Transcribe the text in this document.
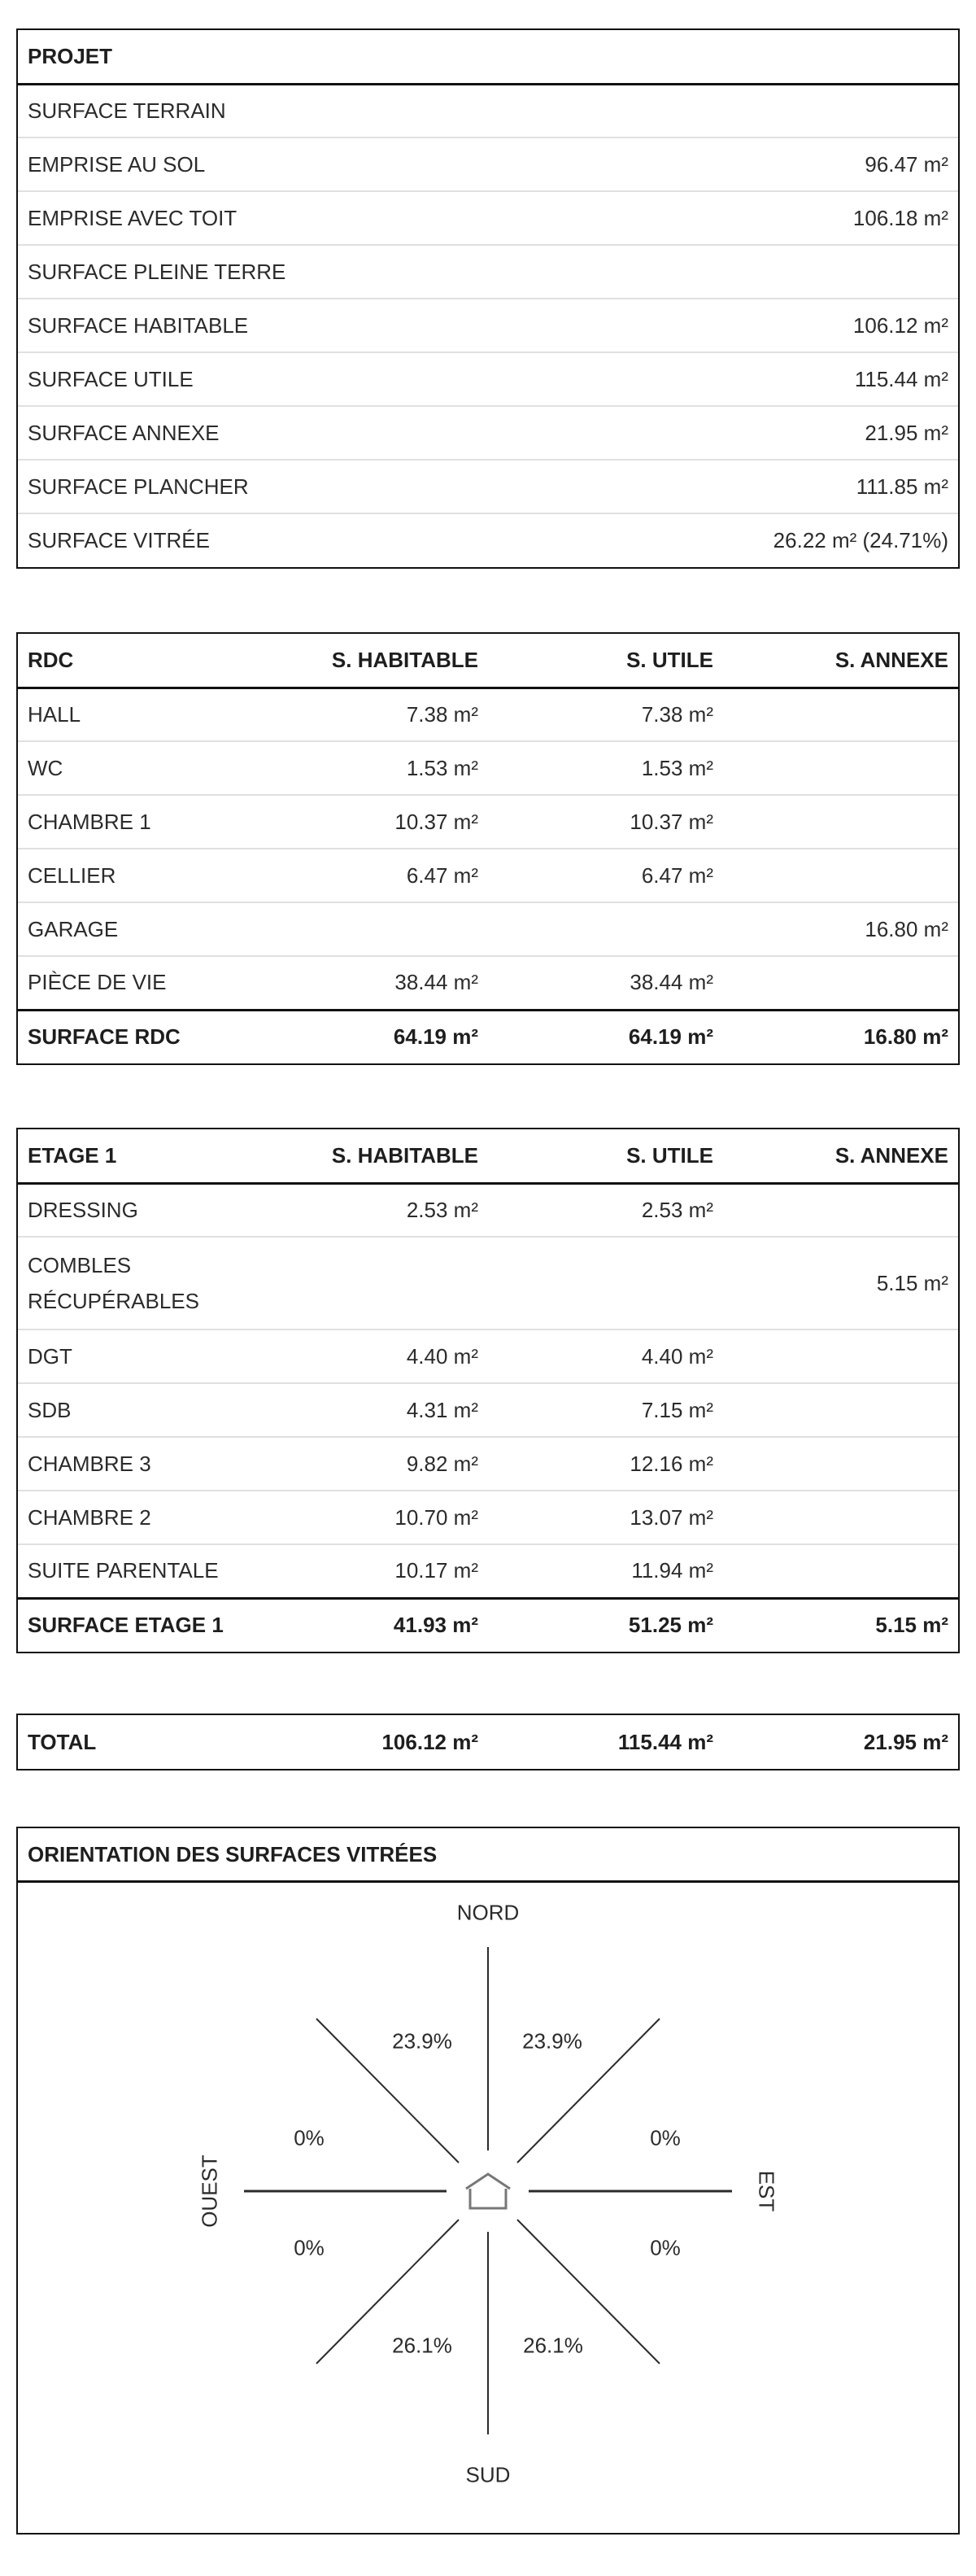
PROJET	
SURFACE TERRAIN	
EMPRISE AU SOL	96.47 m²
EMPRISE AVEC TOIT	106.18 m²
SURFACE PLEINE TERRE	
SURFACE HABITABLE	106.12 m²
SURFACE UTILE	115.44 m²
SURFACE ANNEXE	21.95 m²
SURFACE PLANCHER	111.85 m²
SURFACE VITRÉE	26.22 m² (24.71%)
RDC	S. HABITABLE	S. UTILE	S. ANNEXE
HALL	7.38 m²	7.38 m²	
WC	1.53 m²	1.53 m²	
CHAMBRE 1	10.37 m²	10.37 m²	
CELLIER	6.47 m²	6.47 m²	
GARAGE			16.80 m²
PIÈCE DE VIE	38.44 m²	38.44 m²	
SURFACE RDC	64.19 m²	64.19 m²	16.80 m²
ETAGE 1	S. HABITABLE	S. UTILE	S. ANNEXE
DRESSING	2.53 m²	2.53 m²	
COMBLES RÉCUPÉRABLES			5.15 m²
DGT	4.40 m²	4.40 m²	
SDB	4.31 m²	7.15 m²	
CHAMBRE 3	9.82 m²	12.16 m²	
CHAMBRE 2	10.70 m²	13.07 m²	
SUITE PARENTALE	10.17 m²	11.94 m²	
SURFACE ETAGE 1	41.93 m²	51.25 m²	5.15 m²
TOTAL	106.12 m²	115.44 m²	21.95 m²
ORIENTATION DES SURFACES VITRÉES
NORD
SUD
OUEST	EST
23.9%	23.9%
0%	0%
0%	0%
26.1%	26.1%
